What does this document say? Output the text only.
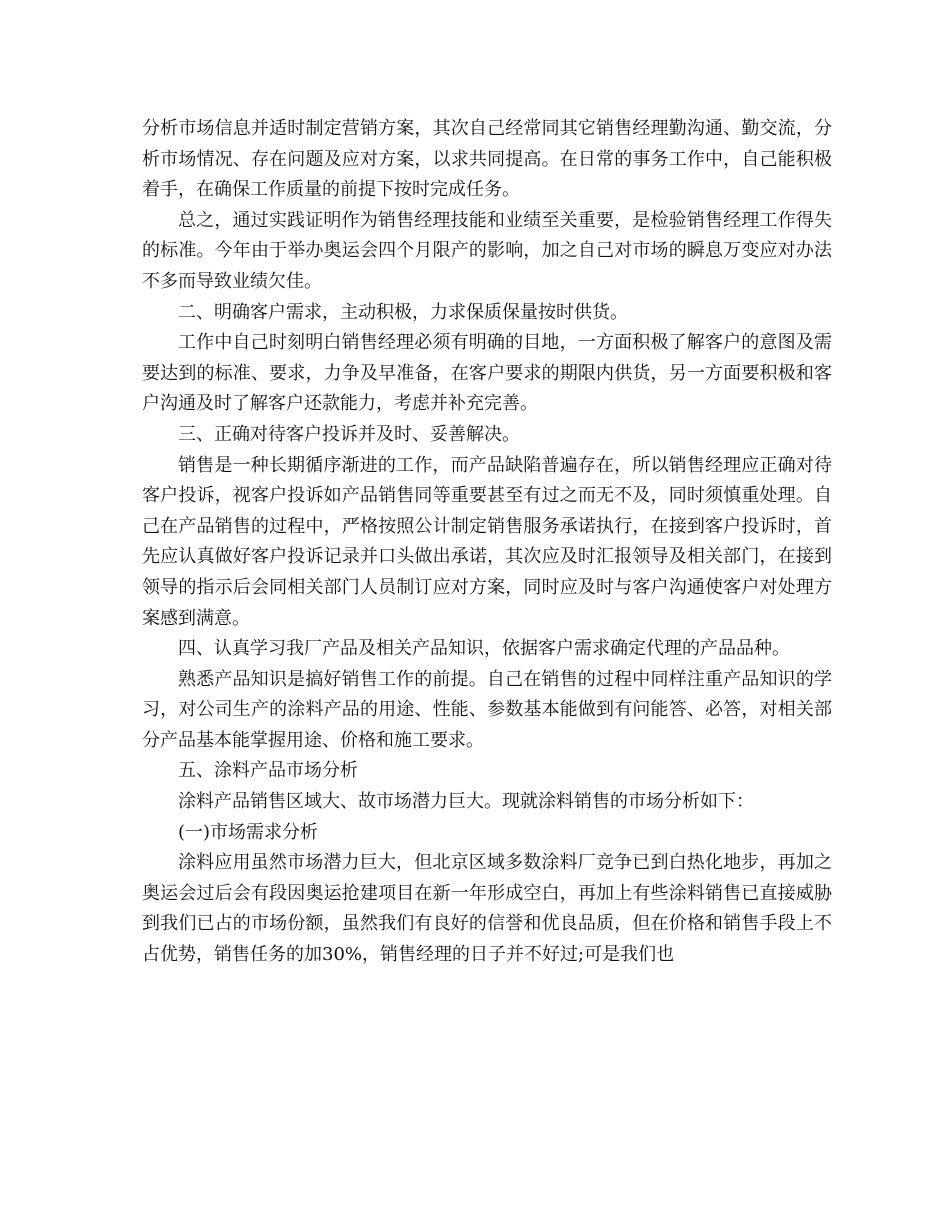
分析市场信息并适时制定营销方案，其次自己经常同其它销售经理勤沟通、勤交流，分析市场情况、存在问题及应对方案，以求共同提高。在日常的事务工作中，自己能积极着手，在确保工作质量的前提下按时完成任务。

总之，通过实践证明作为销售经理技能和业绩至关重要，是检验销售经理工作得失的标准。今年由于举办奥运会四个月限产的影响，加之自己对市场的瞬息万变应对办法不多而导致业绩欠佳。

二、明确客户需求，主动积极，力求保质保量按时供货。

工作中自己时刻明白销售经理必须有明确的目地，一方面积极了解客户的意图及需要达到的标准、要求，力争及早准备，在客户要求的期限内供货，另一方面要积极和客户沟通及时了解客户还款能力，考虑并补充完善。

三、正确对待客户投诉并及时、妥善解决。

销售是一种长期循序渐进的工作，而产品缺陷普遍存在，所以销售经理应正确对待客户投诉，视客户投诉如产品销售同等重要甚至有过之而无不及，同时须慎重处理。自己在产品销售的过程中，严格按照公计制定销售服务承诺执行，在接到客户投诉时，首先应认真做好客户投诉记录并口头做出承诺，其次应及时汇报领导及相关部门，在接到领导的指示后会同相关部门人员制订应对方案，同时应及时与客户沟通使客户对处理方案感到满意。

四、认真学习我厂产品及相关产品知识，依据客户需求确定代理的产品品种。

熟悉产品知识是搞好销售工作的前提。自己在销售的过程中同样注重产品知识的学习，对公司生产的涂料产品的用途、性能、参数基本能做到有问能答、必答，对相关部分产品基本能掌握用途、价格和施工要求。

五、涂料产品市场分析

涂料产品销售区域大、故市场潜力巨大。现就涂料销售的市场分析如下：

(一)市场需求分析

涂料应用虽然市场潜力巨大，但北京区域多数涂料厂竞争已到白热化地步，再加之奥运会过后会有段因奥运抢建项目在新一年形成空白，再加上有些涂料销售已直接威胁到我们已占的市场份额，虽然我们有良好的信誉和优良品质，但在价格和销售手段上不占优势，销售任务的加30%，销售经理的日子并不好过;可是我们也
